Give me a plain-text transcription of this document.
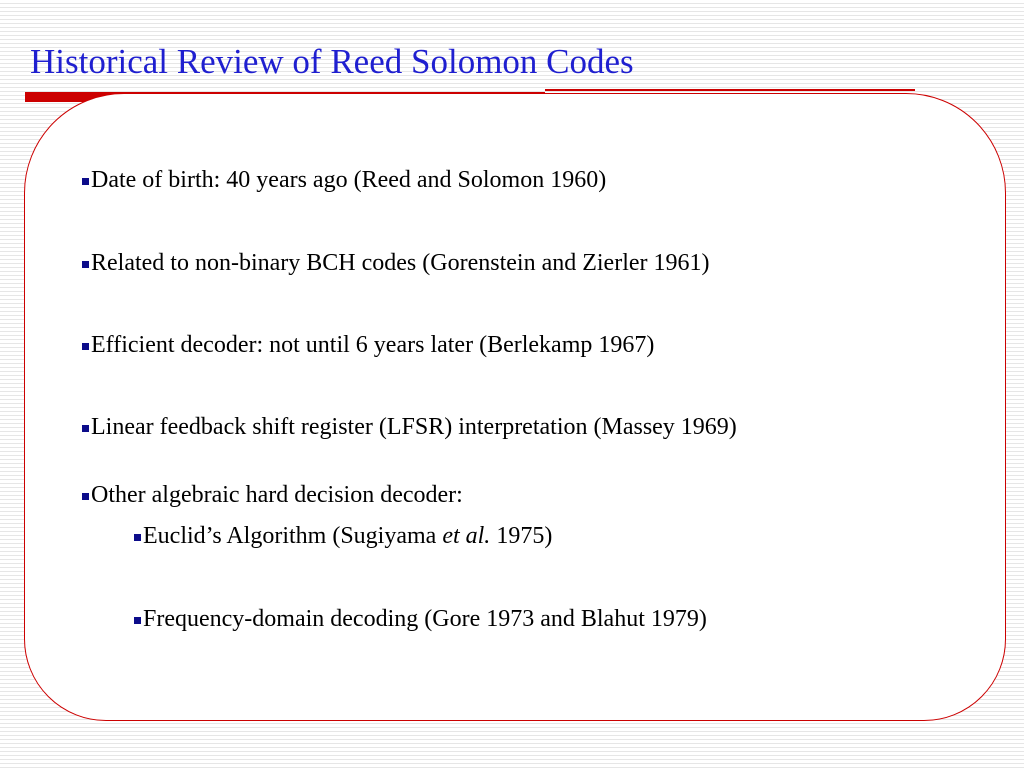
Historical Review of Reed Solomon Codes
Date of birth: 40 years ago (Reed and Solomon 1960)
Related to non-binary BCH codes (Gorenstein and Zierler 1961)
Efficient decoder: not until 6 years later (Berlekamp 1967)
Linear feedback shift register (LFSR) interpretation (Massey 1969)
Other algebraic hard decision decoder:
Euclid’s Algorithm (Sugiyama et al. 1975)
Frequency-domain decoding (Gore 1973 and Blahut 1979)
